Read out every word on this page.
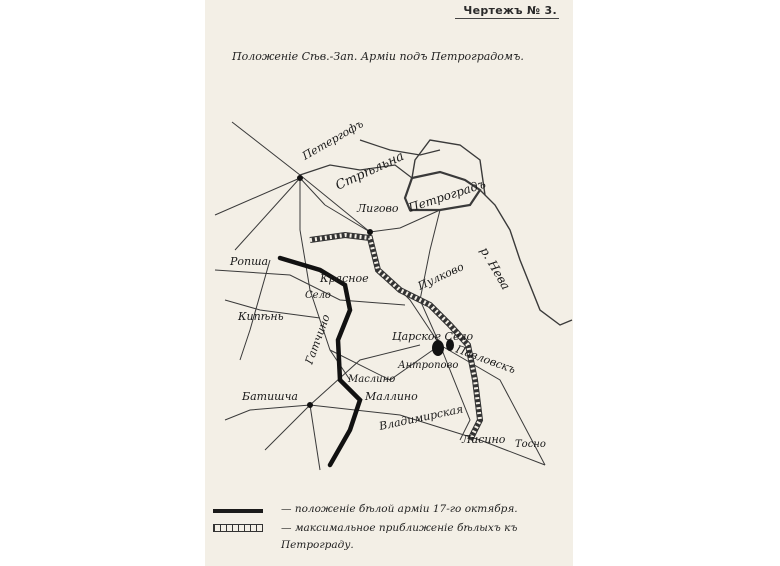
Чертежъ № 3.
Положеніе Сѣв.-Зап. Арміи подъ Петроградомъ.
Петергофъ
Стрѣльна
Лигово Петроградъ
р. Нева
Ропша
Красное
Село
Пулково
Кипѣнь
Царское Село
Антропово
Павловскъ
Гатчино
Маслино
Маллино
Батишча
Владимирская
Лисино Тосно
— положеніе бѣлой арміи 17-го октября.
— максимальное приближеніе бѣлыхъ къ Петрограду.
